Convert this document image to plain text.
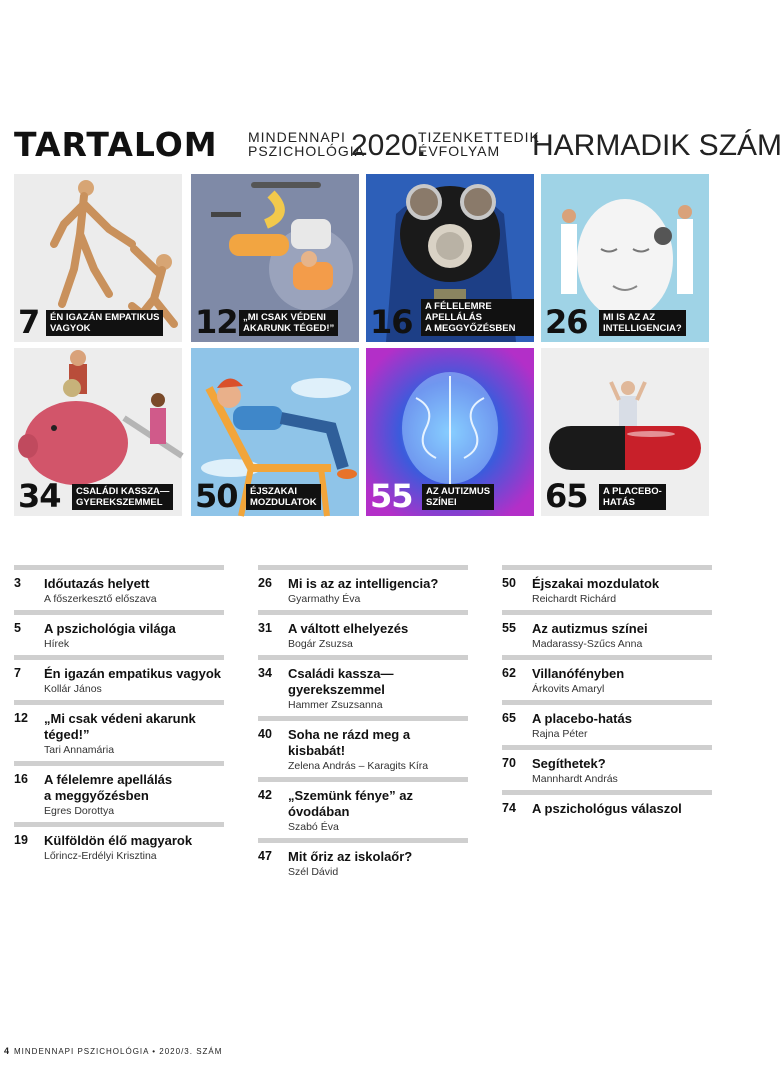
TARTALOM MINDENNAPI
PSZICHOLÓGIA
2020.
TIZENKETTEDIK
ÉVFOLYAM	HARMADIK SZÁM
7	ÉN IGAZÁN EMPATIKUS
VAGYOK	12 „MI CSAK VÉDENI
AKARUNK TÉGED!” 16	A FÉLELEMRE APELLÁLÁS
A MEGGYŐZÉSBEN 26	MI IS AZ AZ
INTELLIGENCIA?
34	CSALÁDI KASSZA—
GYEREKSZEMMEL	50	ÉJSZAKAI
MOZDULATOK 55	AZ AUTIZMUS
SZÍNEI	65	A PLACEBO-
HATÁS
3 Időutazás helyett
A főszerkesztő előszava
5 A pszichológia világa
Hírek
7 Én igazán empatikus vagyok
Kollár János
12 „Mi csak védeni akarunk téged!”
Tari Annamária
16 A félelemre apellálás
a meggyőzésben
Egres Dorottya
19 Külföldön élő magyarok
Lőrincz-Erdélyi Krisztina
26 Mi is az az intelligencia?
Gyarmathy Éva
31 A váltott elhelyezés
Bogár Zsuzsa
34 Családi kassza— gyerekszemmel
Hammer Zsuzsanna
40 Soha ne rázd meg a kisbabát!
Zelena András – Karagits Kíra
42 „Szemünk fénye” az óvodában
Szabó Éva
47 Mit őriz az iskolaőr?
Szél Dávid
50 Éjszakai mozdulatok
Reichardt Richárd
55 Az autizmus színei
Madarassy-Szűcs Anna
62 Villanófényben
Árkovits Amaryl
65 A placebo-hatás
Rajna Péter
70 Segíthetek?
Mannhardt András
74 A pszichológus válaszol
4 MINDENNAPI PSZICHOLÓGIA • 2020/3. SZÁM
